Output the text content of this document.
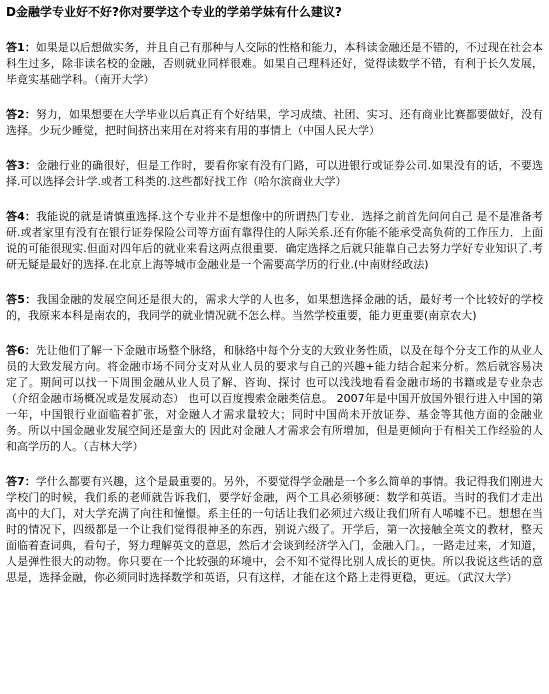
D金融学专业好不好?你对要学这个专业的学弟学妹有什么建议?

答1：如果是以后想做实务，并且自己有那种与人交际的性格和能力，本科读金融还是不错的，不过现在社会本科生过多，除非读名校的金融，否则就业同样很难。如果自己理科还好，觉得读数学不错，有利于长久发展，毕竟实基础学科。（南开大学）

答2：努力，如果想要在大学毕业以后真正有个好结果，学习成绩、社团、实习、还有商业比赛都要做好，没有选择。少玩少睡觉，把时间挤出来用在对将来有用的事情上（中国人民大学）

答3：金融行业的确很好，但是工作时，要看你家有没有门路，可以进银行或证券公司.如果没有的话，不要选择.可以选择会计学.或者工科类的.这些都好找工作（哈尔滨商业大学）

答4：我能说的就是请慎重选择.这个专业并不是想像中的所谓热门专业．选择之前首先问问自己 是不是准备考研.或者家里有没有在银行证券保险公司等方面有靠得住的人际关系.还有你能不能承受高负荷的工作压力．上面说的可能很现实.但面对四年后的就业来看这两点很重要．确定选择之后就只能靠自己去努力学好专业知识了.考研无疑是最好的选择.在北京上海等城市金融业是一个需要高学历的行业.(中南财经政法)

答5：我国金融的发展空间还是很大的，需求大学的人也多，如果想选择金融的话，最好考一个比较好的学校的，我原来本科是南农的，我同学的就业情况就不怎么样。当然学校重要，能力更重要(南京农大)

答6：先让他们了解一下金融市场整个脉络，和脉络中每个分支的大致业务性质，以及在每个分支工作的从业人员的大致发展方向。将金融市场不同分支对从业人员的要求与自己的兴趣+能力结合起来分析。然后就容易决定了。期间可以找一下周围金融从业人员了解、咨询、探讨 也可以浅浅地看看金融市场的书籍或是专业杂志（介绍金融市场概况或是发展动态） 也可以百度搜索金融类信息。 2007年是中国开放国外银行进入中国的第一年，中国银行业面临着扩张，对金融人才需求量较大；同时中国尚未开放证券、基金等其他方面的金融业务。所以中国金融业发展空间还是蛮大的 因此对金融人才需求会有所增加，但是更倾向于有相关工作经验的人和高学历的人。（吉林大学）

答7：学什么都要有兴趣，这个是最重要的。另外，不要觉得学金融是一个多么简单的事情。我记得我们刚进大学校门的时候，我们系的老师就告诉我们，要学好金融，两个工具必须够硬：数学和英语。当时的我们才走出高中的大门，对大学充满了向往和憧憬。系主任的一句话让我们必须过六级让我们所有人唏嘘不已。想想在当时的情况下，四级都是一个让我们觉得很神圣的东西，别说六级了。开学后，第一次接触全英文的教材，整天面临着查词典，看句子，努力理解英文的意思，然后才会谈到经济学入门，金融入门。，一路走过来，才知道，人是弹性很大的动物。你只要在一个比较强的环境中，会不知不觉得比别人成长的更快。所以我说这些话的意思是，选择金融，你必须同时选择数学和英语，只有这样，才能在这个路上走得更稳，更远。（武汉大学）
